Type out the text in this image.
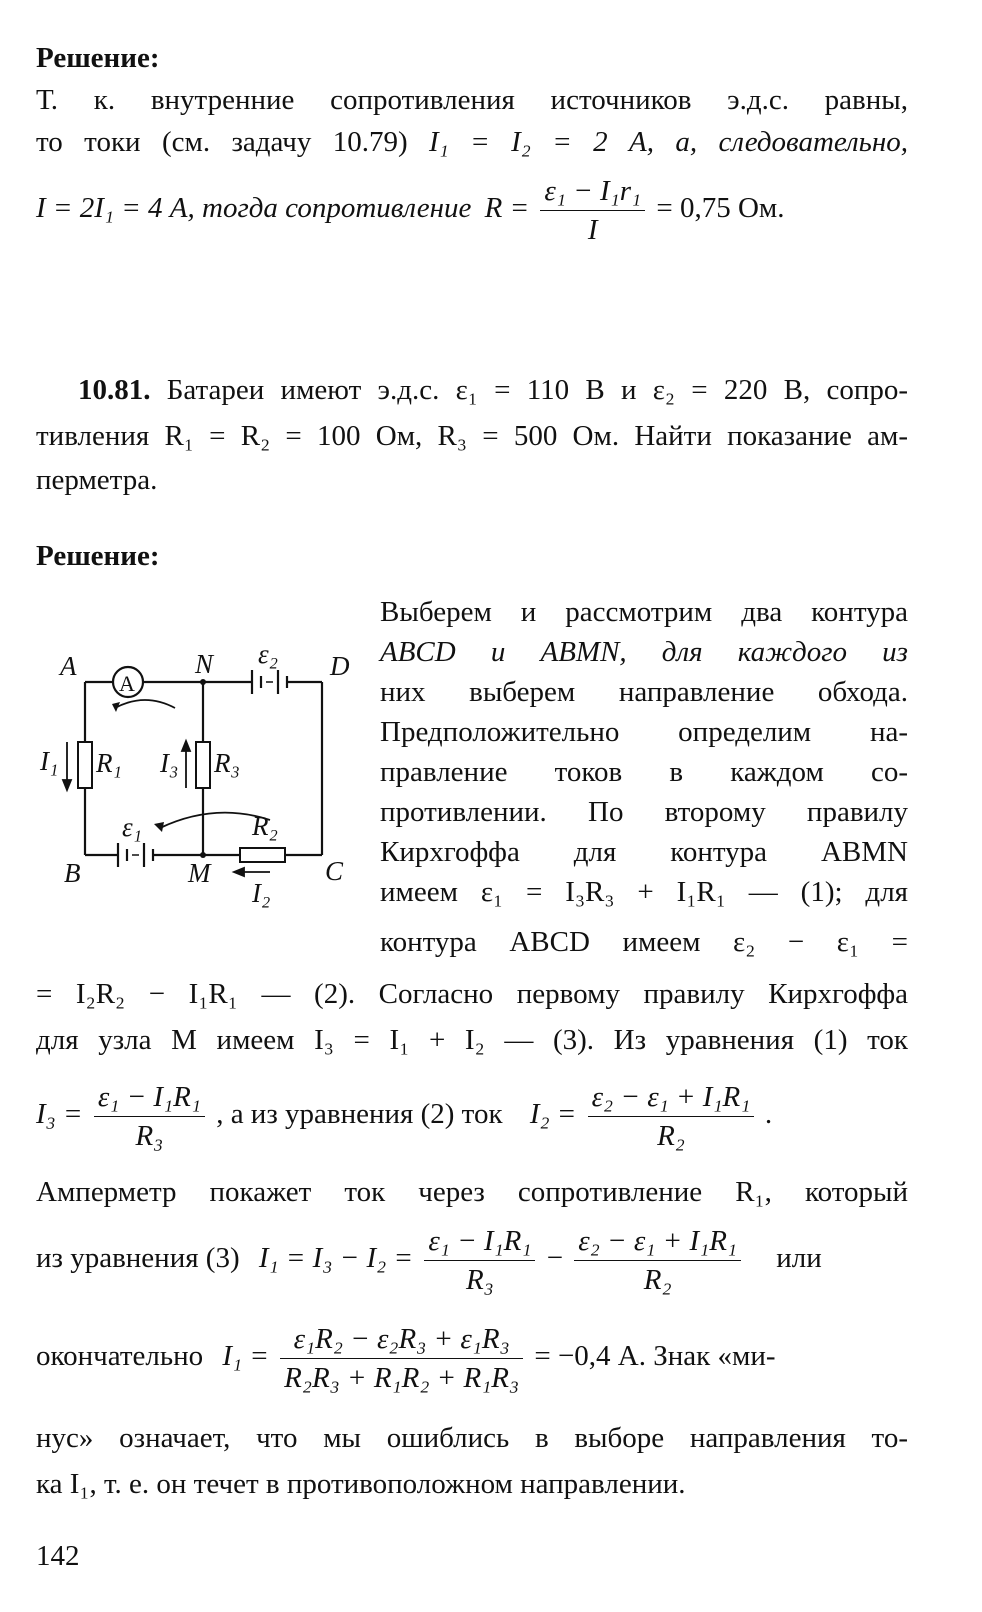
Решение:
Т. к. внутренние сопротивления источников э.д.с. равны,
то токи (см. задачу 10.79) I₁ = I₂ = 2 А, а, следовательно,
I = 2I₁ = 4 А, тогда сопротивление $R = \frac{\text{ε₁ − I₁r₁}}{I} = 0,75$ Ом.
10.81. Батареи имеют э.д.с. ε₁ = 110 В и ε₂ = 220 В, сопро-
тивления R₁ = R₂ = 100 Ом, R₃ = 500 Ом. Найти показание ам-
перметра.
Решение:
A	N	D
B	M	C
I₁ R₁ I₃ R₃
R₂
I₂
ε₁
ε₂
A
Выберем и рассмотрим два контура
ABCD и ABMN, для каждого из
них выберем направление обхода.
Предположительно определим на-
правление токов в каждом со-
противлении. По второму правилу
Кирхгоффа для контура ABMN
имеем ε₁ = I₃R₃ + I₁R₁ — (1); для
контура ABCD имеем ε₂ − ε₁ =
= I₂R₂ − I₁R₁ — (2). Согласно первому правилу Кирхгоффа
для узла M имеем I₃ = I₁ + I₂ — (3). Из уравнения (1) ток
$I_3 = \frac{\text{ε₁ − I₁R₁}}{\text{R₃}}$ , а из уравнения (2) ток $I_2 = \frac{\text{ε₂ − ε₁ + I₁R₁}}{\text{R₂}}$ .
Амперметр покажет ток через сопротивление R₁, который
из уравнения (3) $I_1 = I_3 - I_2 = \frac{\text{ε₁ − I₁R₁}}{\text{R₃}} - \frac{\text{ε₂ − ε₁ + I₁R₁}}{\text{R₂}}$ или
окончательно $I_1 = \frac{\text{ε₁R₂ − ε₂R₃ + ε₁R₃}}{\text{R₂R₃ + R₁R₂ + R₁R₃}} = -0,4$ А. Знак «ми-
нус» означает, что мы ошиблись в выборе направления то-
ка I₁, т. е. он течет в противоположном направлении.
142
